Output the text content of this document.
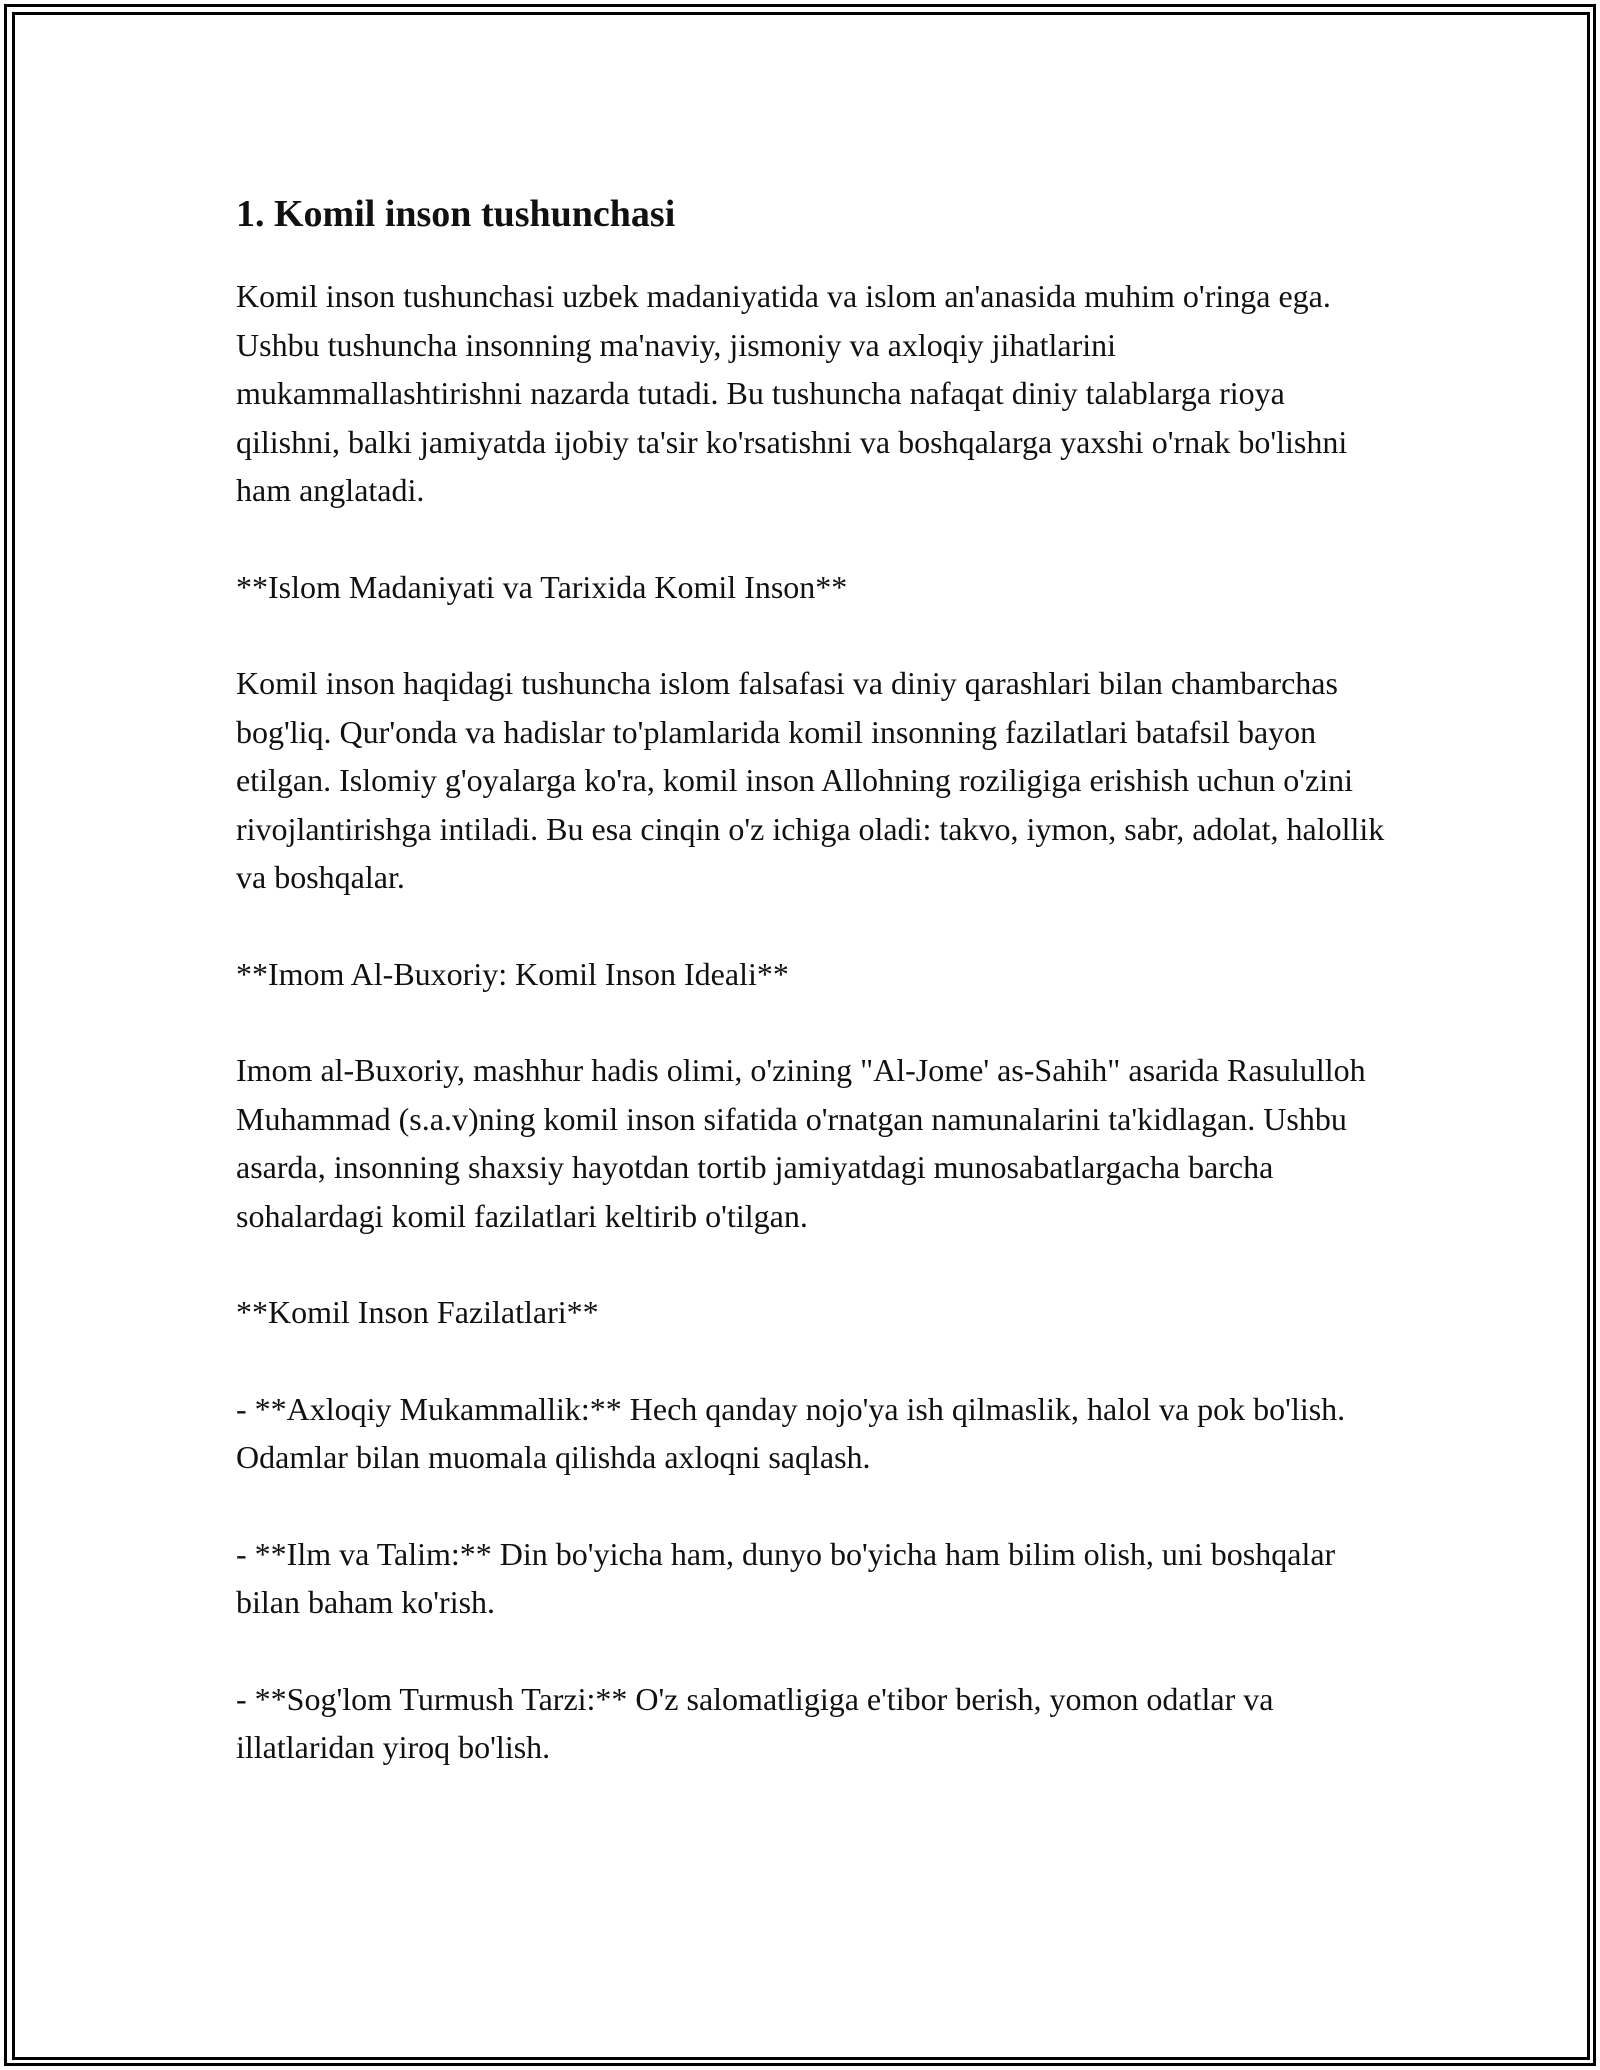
1. Komil inson tushunchasi

Komil inson tushunchasi uzbek madaniyatida va islom an'anasida muhim o'ringa ega. Ushbu tushuncha insonning ma'naviy, jismoniy va axloqiy jihatlarini mukammallashtirishni nazarda tutadi. Bu tushuncha nafaqat diniy talablarga rioya qilishni, balki jamiyatda ijobiy ta'sir ko'rsatishni va boshqalarga yaxshi o'rnak bo'lishni ham anglatadi.

**Islom Madaniyati va Tarixida Komil Inson**

Komil inson haqidagi tushuncha islom falsafasi va diniy qarashlari bilan chambarchas bog'liq. Qur'onda va hadislar to'plamlarida komil insonning fazilatlari batafsil bayon etilgan. Islomiy g'oyalarga ko'ra, komil inson Allohning roziligiga erishish uchun o'zini rivojlantirishga intiladi. Bu esa cinqin o'z ichiga oladi: takvo, iymon, sabr, adolat, halollik va boshqalar.

**Imom Al-Buxoriy: Komil Inson Ideali**

Imom al-Buxoriy, mashhur hadis olimi, o'zining "Al-Jome' as-Sahih" asarida Rasululloh Muhammad (s.a.v)ning komil inson sifatida o'rnatgan namunalarini ta'kidlagan. Ushbu asarda, insonning shaxsiy hayotdan tortib jamiyatdagi munosabatlargacha barcha sohalardagi komil fazilatlari keltirib o'tilgan.

**Komil Inson Fazilatlari**

- **Axloqiy Mukammallik:** Hech qanday nojo'ya ish qilmaslik, halol va pok bo'lish. Odamlar bilan muomala qilishda axloqni saqlash.

- **Ilm va Talim:** Din bo'yicha ham, dunyo bo'yicha ham bilim olish, uni boshqalar bilan baham ko'rish.

- **Sog'lom Turmush Tarzi:** O'z salomatligiga e'tibor berish, yomon odatlar va illatlaridan yiroq bo'lish.
